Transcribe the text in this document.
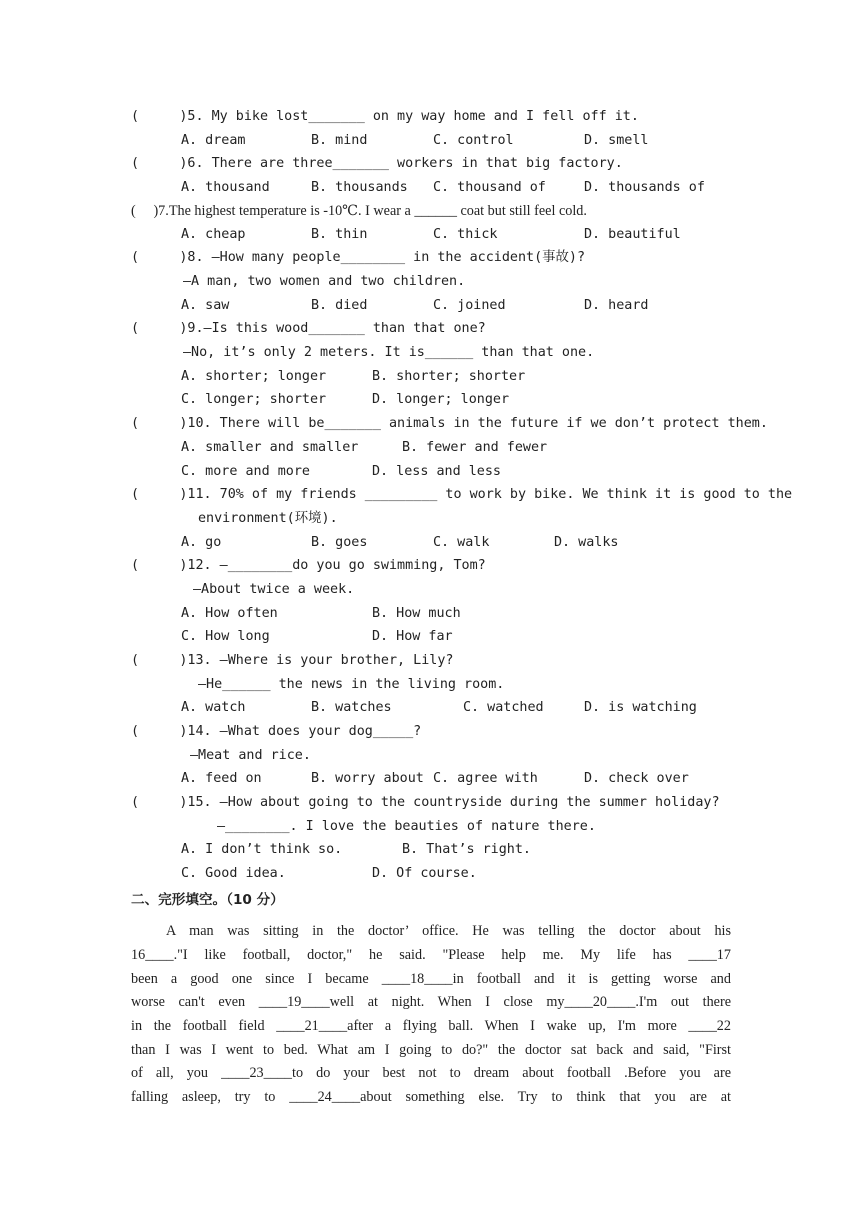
(     )5. My bike lost_______ on my way home and I fell off it.
A. dream	B. mind	C. control	D. smell
(     )6. There are three_______ workers in that big factory.
A. thousand	B. thousands C. thousand of	D. thousands of
(     )7.The highest temperature is -10℃. I wear a ______ coat but still feel cold.
A. cheap	B. thin	C. thick	D. beautiful
(     )8. —How many people________ in the accident(事故)?
—A man, two women and two children.
A. saw	B. died	C. joined	D. heard
(     )9.—Is this wood_______ than that one?
—No, it’s only 2 meters. It is______ than that one.
A. shorter; longer	B. shorter; shorter
C. longer; shorter	D. longer; longer
(     )10. There will be_______ animals in the future if we don’t protect them.
A. smaller and smaller	B. fewer and fewer
C. more and more	D. less and less
(     )11. 70% of my friends _________ to work by bike. We think it is good to the
environment(环境).
A. go	B. goes	C. walk	D. walks
(     )12. —________do you go swimming, Tom?
—About twice a week.
A. How often	B. How much
C. How long	D. How far
(     )13. —Where is your brother, Lily?
—He______ the news in the living room.
A. watch	B. watches	C. watched	D. is watching
(     )14. —What does your dog_____?
—Meat and rice.
A. feed on	B. worry about C. agree with	D. check over
(     )15. —How about going to the countryside during the summer holiday?
—________. I love the beauties of nature there.
A. I don’t think so.	B. That’s right.
C. Good idea.	D. Of course.
二、完形填空。（10 分）
A man was sitting in the doctor’ office. He was telling the doctor about his
16____."I like football, doctor," he said. "Please help me. My life has ____17
been a good one since I became ____18____in football and it is getting worse and
worse can't even ____19____well at night. When I close my____20____.I'm out there
in the football field ____21____after a flying ball. When I wake up, I'm more ____22
than I was I went to bed. What am I going to do?" the doctor sat back and said, "First
of all, you ____23____to do your best not to dream about football .Before you are
falling asleep, try to ____24____about something else. Try to think that you are at
